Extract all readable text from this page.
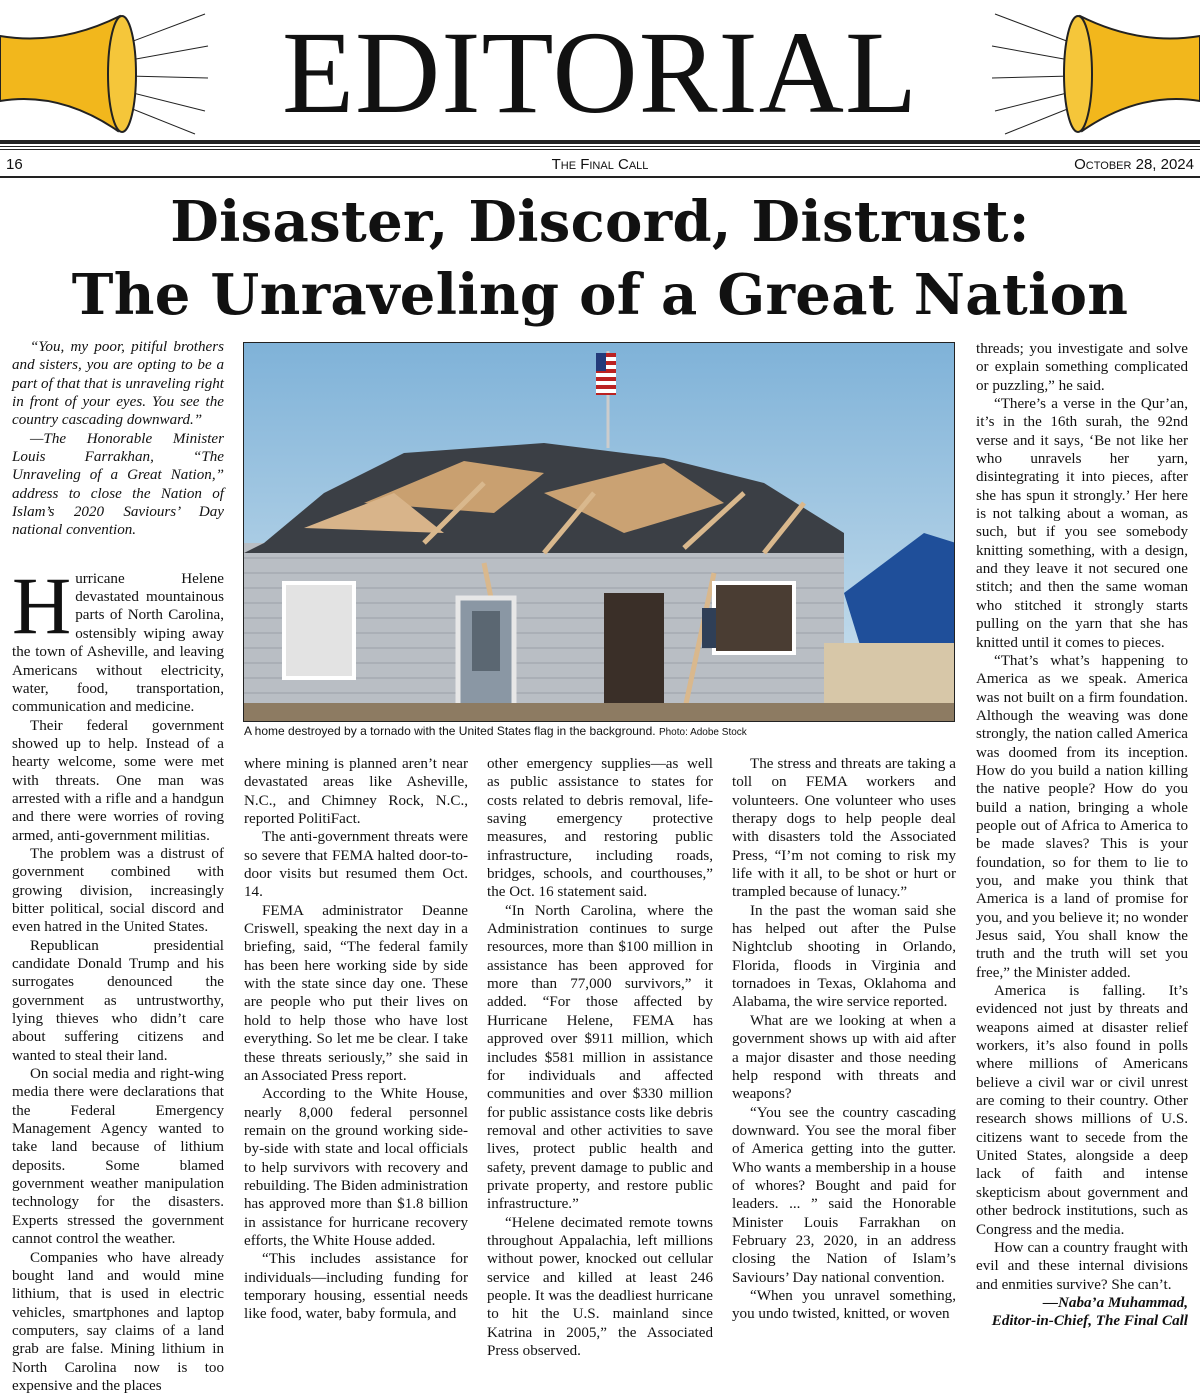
EDITORIAL
16	The Final Call	October 28, 2024
Disaster, Discord, Distrust:
The Unraveling of a Great Nation

“You, my poor, pitiful brothers and sisters, you are opting to be a part of that that is unraveling right in front of your eyes. You see the country cascading downward.”

—The Honorable Minister Louis Farrakhan, “The Unraveling of a Great Nation,” address to close the Nation of Islam’s 2020 Saviours’ Day national convention.

Hurricane Helene devastated mountainous parts of North Carolina, ostensibly wiping away the town of Asheville, and leaving Americans without electricity, water, food, transportation, communication and medicine.

Their federal government showed up to help. Instead of a hearty welcome, some were met with threats. One man was arrested with a rifle and a handgun and there were worries of roving armed, anti-government militias.

The problem was a distrust of government combined with growing division, increasingly bitter political, social discord and even hatred in the United States.

Republican presidential candidate Donald Trump and his surrogates denounced the government as untrustworthy, lying thieves who didn’t care about suffering citizens and wanted to steal their land.

On social media and right-wing media there were declarations that the Federal Emergency Management Agency wanted to take land because of lithium deposits. Some blamed government weather manipulation technology for the disasters. Experts stressed the government cannot control the weather.

Companies who have already bought land and would mine lithium, that is used in electric vehicles, smartphones and laptop computers, say claims of a land grab are false. Mining lithium in North Carolina now is too expensive and the places

A home destroyed by a tornado with the United States flag in the background. Photo: Adobe Stock

where mining is planned aren’t near devastated areas like Asheville, N.C., and Chimney Rock, N.C., reported PolitiFact.

The anti-government threats were so severe that FEMA halted door-to-door visits but resumed them Oct. 14.

FEMA administrator Deanne Criswell, speaking the next day in a briefing, said, “The federal family has been here working side by side with the state since day one. These are people who put their lives on hold to help those who have lost everything. So let me be clear. I take these threats seriously,” she said in an Associated Press report.

According to the White House, nearly 8,000 federal personnel remain on the ground working side-by-side with state and local officials to help survivors with recovery and rebuilding. The Biden administration has approved more than $1.8 billion in assistance for hurricane recovery efforts, the White House added.

“This includes assistance for individuals—including funding for temporary housing, essential needs like food, water, baby formula, and

other emergency supplies—as well as public assistance to states for costs related to debris removal, life-saving emergency protective measures, and restoring public infrastructure, including roads, bridges, schools, and courthouses,” the Oct. 16 statement said.

“In North Carolina, where the Administration continues to surge resources, more than $100 million in assistance has been approved for more than 77,000 survivors,” it added. “For those affected by Hurricane Helene, FEMA has approved over $911 million, which includes $581 million in assistance for individuals and affected communities and over $330 million for public assistance costs like debris removal and other activities to save lives, protect public health and safety, prevent damage to public and private property, and restore public infrastructure.”

“Helene decimated remote towns throughout Appalachia, left millions without power, knocked out cellular service and killed at least 246 people. It was the deadliest hurricane to hit the U.S. mainland since Katrina in 2005,” the Associated Press observed.

The stress and threats are taking a toll on FEMA workers and volunteers. One volunteer who uses therapy dogs to help people deal with disasters told the Associated Press, “I’m not coming to risk my life with it all, to be shot or hurt or trampled because of lunacy.”

In the past the woman said she has helped out after the Pulse Nightclub shooting in Orlando, Florida, floods in Virginia and tornadoes in Texas, Oklahoma and Alabama, the wire service reported.

What are we looking at when a government shows up with aid after a major disaster and those needing help respond with threats and weapons?

“You see the country cascading downward. You see the moral fiber of America getting into the gutter. Who wants a membership in a house of whores? Bought and paid for leaders. ... ” said the Honorable Minister Louis Farrakhan on February 23, 2020, in an address closing the Nation of Islam’s Saviours’ Day national convention.

“When you unravel something, you undo twisted, knitted, or woven

threads; you investigate and solve or explain something complicated or puzzling,” he said.

“There’s a verse in the Qur’an, it’s in the 16th surah, the 92nd verse and it says, ‘Be not like her who unravels her yarn, disintegrating it into pieces, after she has spun it strongly.’ Her here is not talking about a woman, as such, but if you see somebody knitting something, with a design, and they leave it not secured one stitch; and then the same woman who stitched it strongly starts pulling on the yarn that she has knitted until it comes to pieces.

“That’s what’s happening to America as we speak. America was not built on a firm foundation. Although the weaving was done strongly, the nation called America was doomed from its inception. How do you build a nation killing the native people? How do you build a nation, bringing a whole people out of Africa to America to be made slaves? This is your foundation, so for them to lie to you, and make you think that America is a land of promise for you, and you believe it; no wonder Jesus said, You shall know the truth and the truth will set you free,” the Minister added.

America is falling. It’s evidenced not just by threats and weapons aimed at disaster relief workers, it’s also found in polls where millions of Americans believe a civil war or civil unrest are coming to their country. Other research shows millions of U.S. citizens want to secede from the United States, alongside a deep lack of faith and intense skepticism about government and other bedrock institutions, such as Congress and the media.

How can a country fraught with evil and these internal divisions and enmities survive? She can’t.

—Naba’a Muhammad,

Editor-in-Chief, The Final Call
